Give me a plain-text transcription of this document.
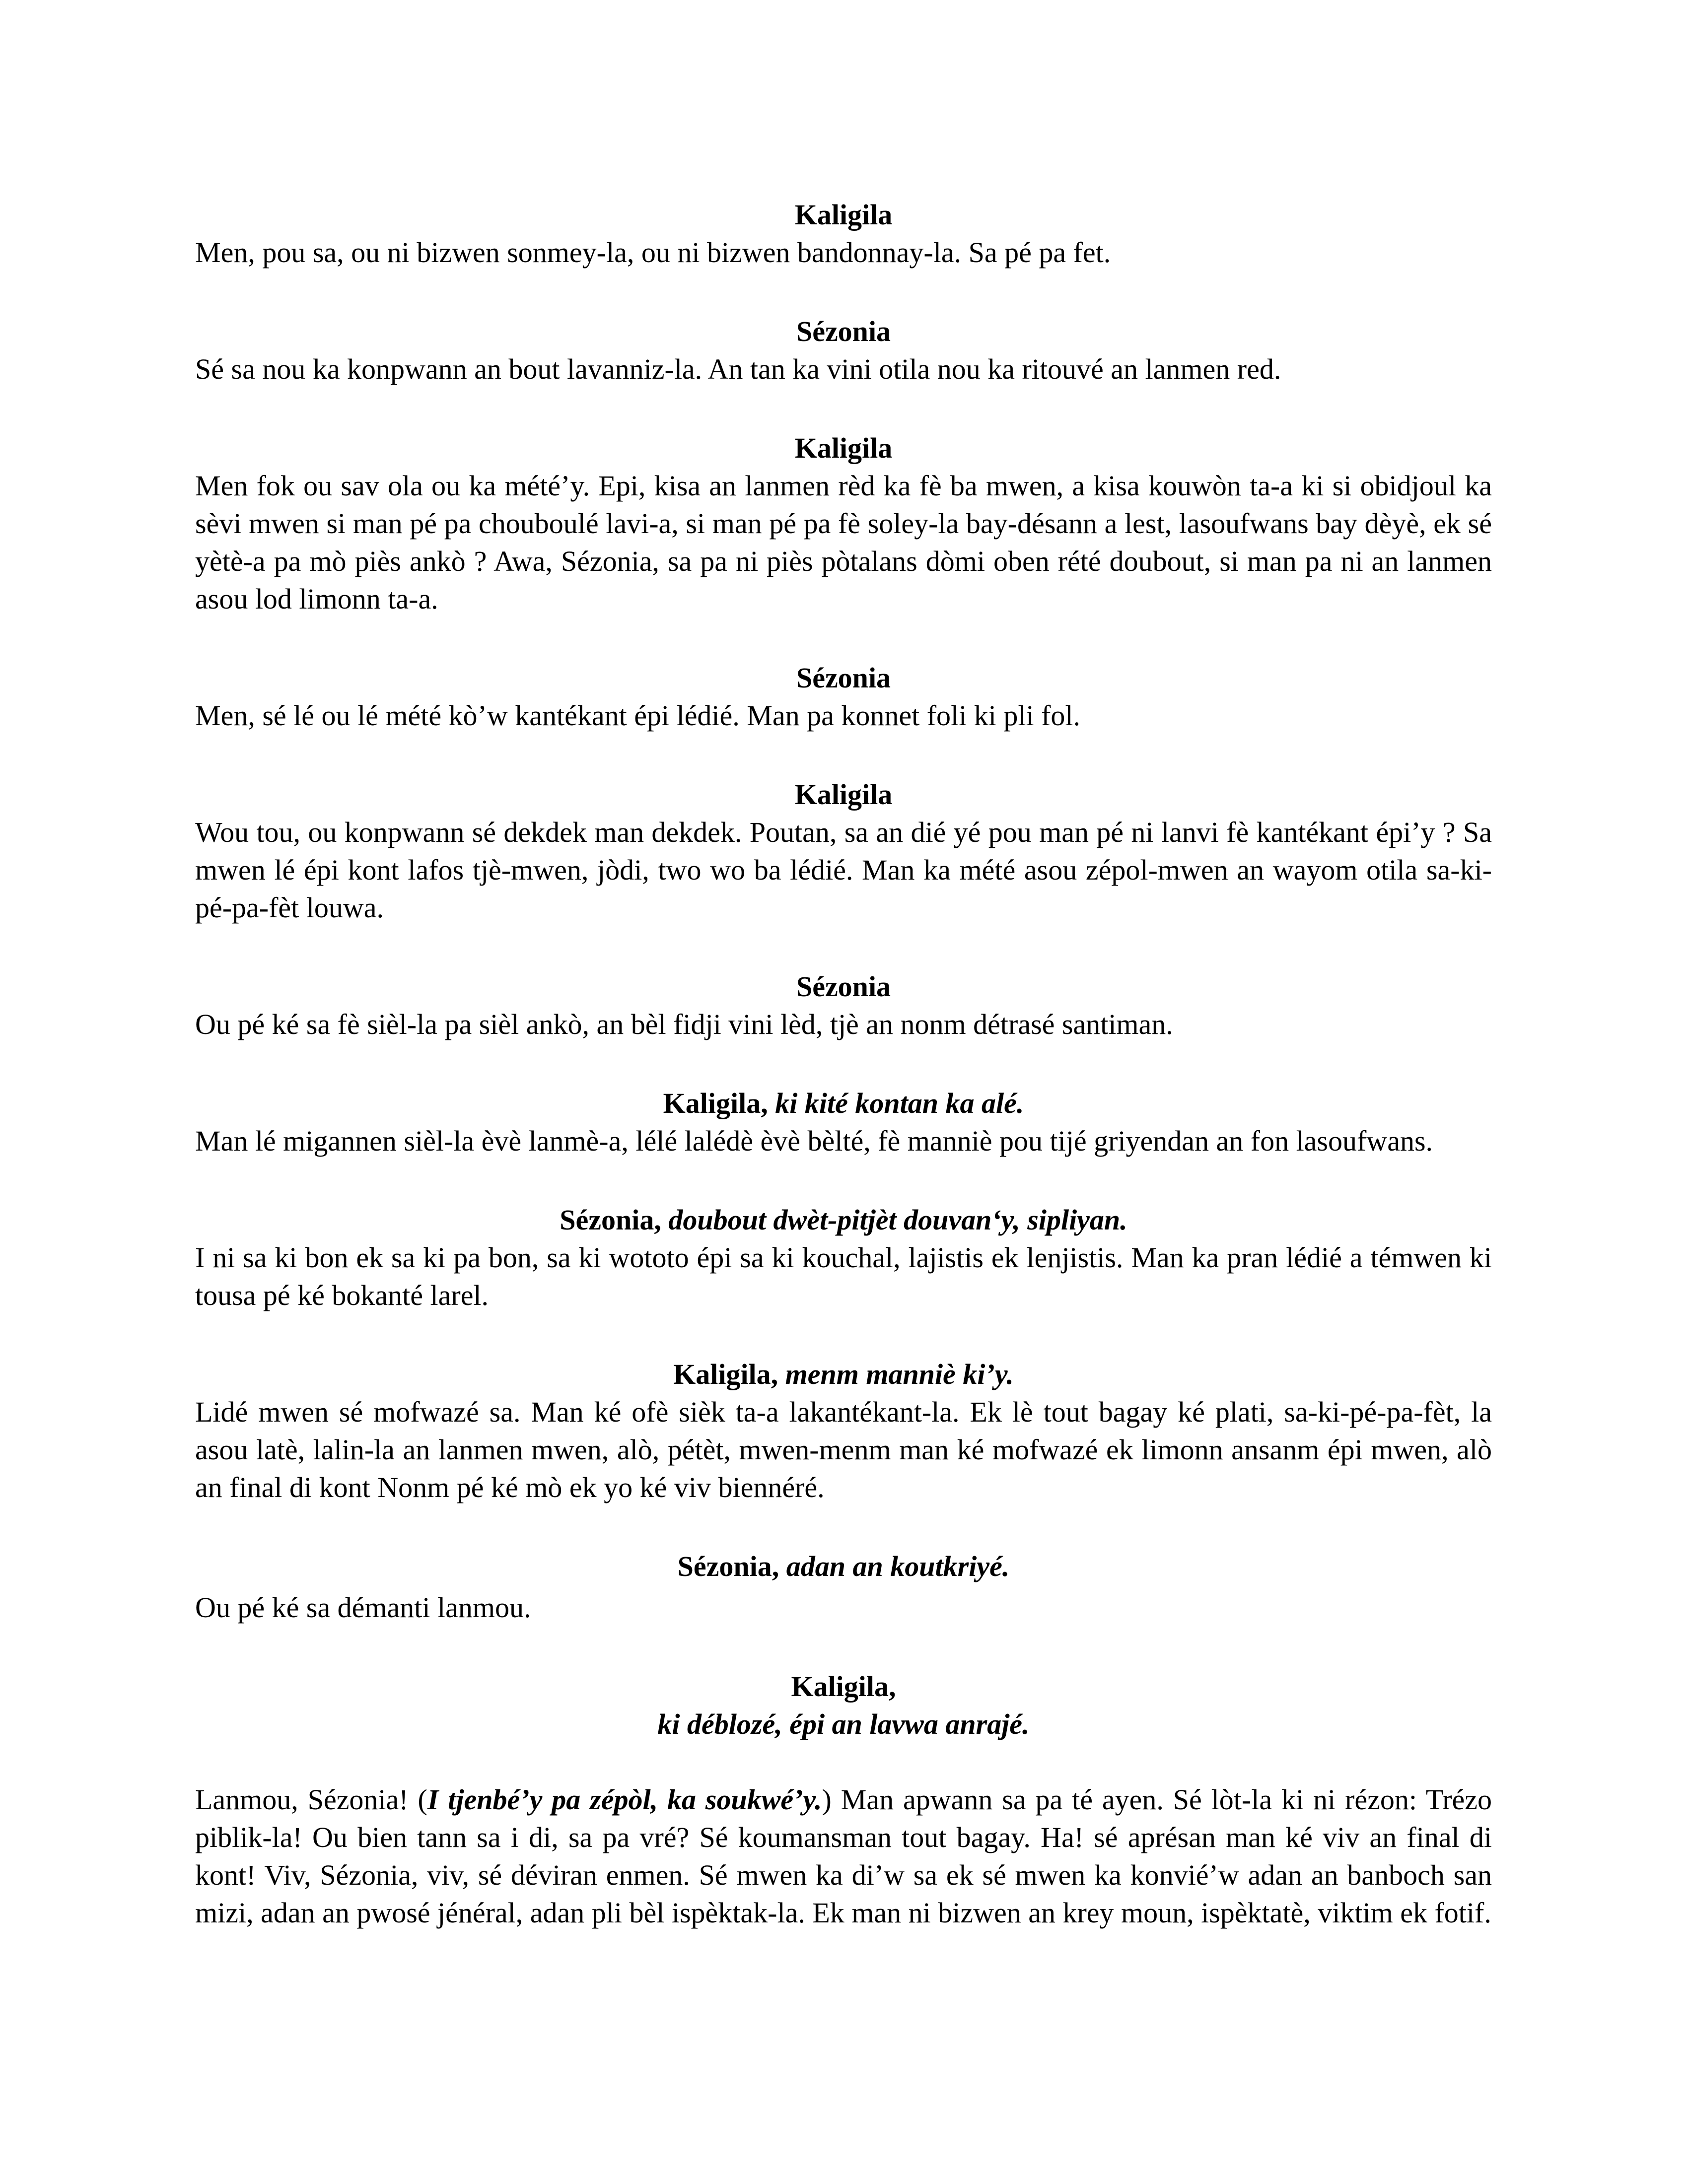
Kaligila
Men, pou sa, ou ni bizwen sonmey-la, ou ni bizwen bandonnay-la. Sa pé pa fet.
Sézonia
Sé sa nou ka konpwann an bout lavanniz-la. An tan ka vini otila nou ka ritouvé an lanmen red.
Kaligila
Men fok ou sav ola ou ka mété’y. Epi, kisa an lanmen rèd ka fè ba mwen, a kisa kouwòn ta-a ki si obidjoul ka sèvi mwen si man pé pa chouboulé lavi-a, si man pé pa fè soley-la bay-désann a lest, lasoufwans bay dèyè, ek sé yètè-a pa mò piès ankò ? Awa, Sézonia, sa pa ni piès pòtalans dòmi oben rété doubout, si man pa ni an lanmen asou lod limonn ta-a.
Sézonia
Men, sé lé ou lé mété kò’w kantékant épi lédié. Man pa konnet foli ki pli fol.
Kaligila
Wou tou, ou konpwann sé dekdek man dekdek. Poutan, sa an dié yé pou man pé ni lanvi fè kantékant épi’y ? Sa mwen lé épi kont lafos tjè-mwen, jòdi, two wo ba lédié. Man ka mété asou zépol-mwen an wayom otila sa-ki-pé-pa-fèt louwa.
Sézonia
Ou pé ké sa fè sièl-la pa sièl ankò, an bèl fidji vini lèd, tjè an nonm détrasé santiman.
Kaligila, ki kité kontan ka alé.
Man lé migannen sièl-la èvè lanmè-a, lélé lalédè èvè bèlté, fè manniè pou tijé griyendan an fon lasoufwans.
Sézonia, doubout dwèt-pitjèt douvan‘y, sipliyan.
I ni sa ki bon ek sa ki pa bon, sa ki wototo épi sa ki kouchal, lajistis ek lenjistis. Man ka pran lédié a témwen ki tousa pé ké bokanté larel.
Kaligila, menm manniè ki’y.
Lidé mwen sé mofwazé sa. Man ké ofè sièk ta-a lakantékant-la. Ek lè tout bagay ké plati, sa-ki-pé-pa-fèt, la asou latè, lalin-la an lanmen mwen, alò, pétèt, mwen-menm man ké mofwazé ek limonn ansanm épi mwen, alò an final di kont Nonm pé ké mò ek yo ké viv biennéré.
Sézonia, adan an koutkriyé.
Ou pé ké sa démanti lanmou.
Kaligila,
ki déblozé, épi an lavwa anrajé.
Lanmou, Sézonia! (I tjenbé’y pa zépòl, ka soukwé’y.) Man apwann sa pa té ayen. Sé lòt-la ki ni rézon: Trézo piblik-la! Ou bien tann sa i di, sa pa vré? Sé koumansman tout bagay. Ha! sé aprésan man ké viv an final di kont! Viv, Sézonia, viv, sé déviran enmen. Sé mwen ka di’w sa ek sé mwen ka konvié’w adan an banboch san mizi, adan an pwosé jénéral, adan pli bèl ispèktak-la. Ek man ni bizwen an krey moun, ispèktatè, viktim ek fotif.
